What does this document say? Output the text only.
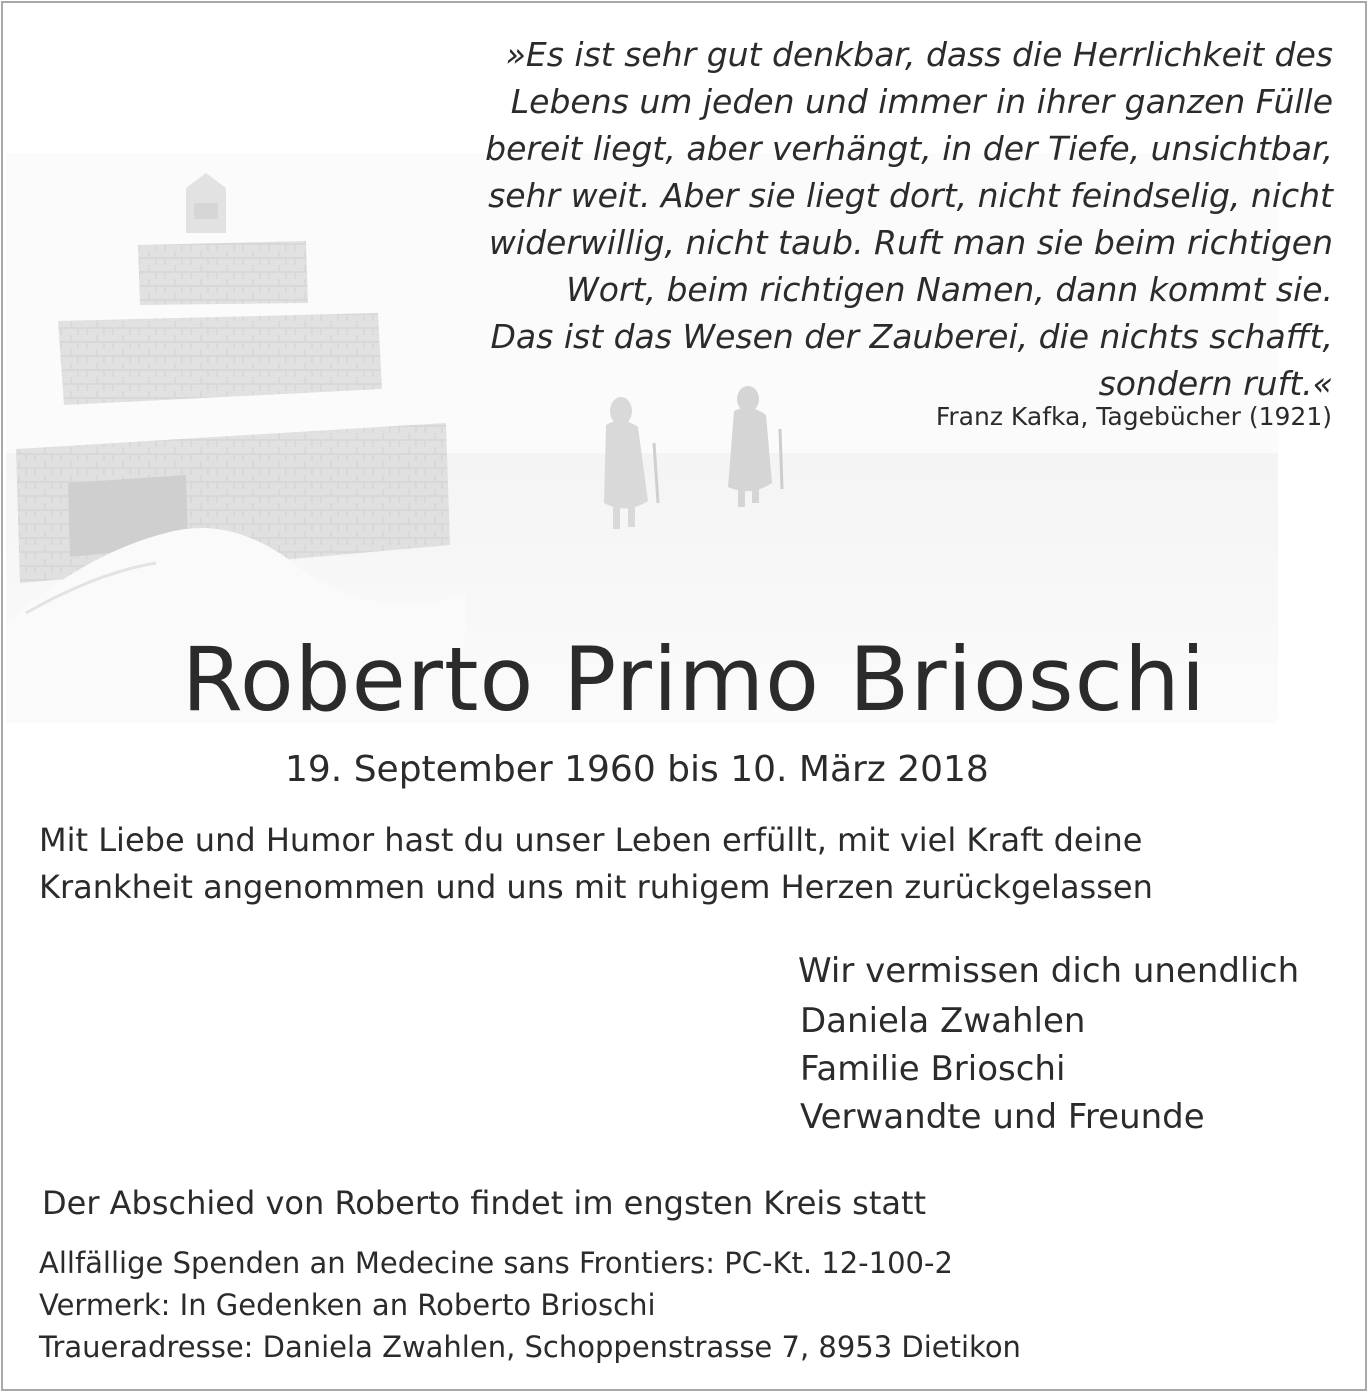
»Es ist sehr gut denkbar, dass die Herrlichkeit des
Lebens um jeden und immer in ihrer ganzen Fülle
bereit liegt, aber verhängt, in der Tiefe, unsichtbar,
sehr weit. Aber sie liegt dort, nicht feindselig, nicht
widerwillig, nicht taub. Ruft man sie beim richtigen
Wort, beim richtigen Namen, dann kommt sie.
Das ist das Wesen der Zauberei, die nichts schafft,
sondern ruft.«
Franz Kafka, Tagebücher (1921)
Roberto Primo Brioschi
19. September 1960 bis 10. März 2018
Mit Liebe und Humor hast du unser Leben erfüllt, mit viel Kraft deine
Krankheit angenommen und uns mit ruhigem Herzen zurückgelassen
Wir vermissen dich unendlich
Daniela Zwahlen
Familie Brioschi
Verwandte und Freunde
Der Abschied von Roberto findet im engsten Kreis statt
Allfällige Spenden an Medecine sans Frontiers: PC-Kt. 12-100-2
Vermerk: In Gedenken an Roberto Brioschi
Traueradresse: Daniela Zwahlen, Schoppenstrasse 7, 8953 Dietikon
